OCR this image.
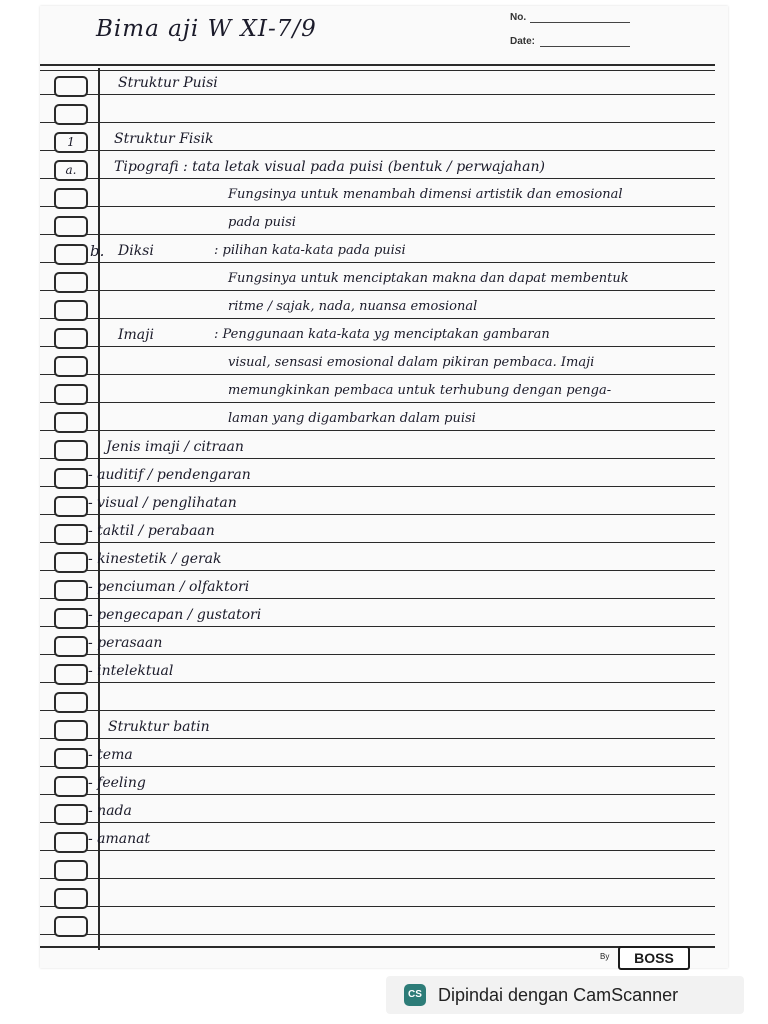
Bima aji W XI-7/9	No.
Date:
1
a.
Struktur Puisi
Struktur Fisik
Tipografi : tata letak visual pada puisi (bentuk / perwajahan)
Fungsinya untuk menambah dimensi artistik dan emosional
pada puisi
b. Diksi	: pilihan kata-kata pada puisi
Fungsinya untuk menciptakan makna dan dapat membentuk
ritme / sajak, nada, nuansa emosional
Imaji	: Penggunaan kata-kata yg menciptakan gambaran
visual, sensasi emosional dalam pikiran pembaca. Imaji
memungkinkan pembaca untuk terhubung dengan penga-
laman yang digambarkan dalam puisi
Jenis imaji / citraan
- auditif / pendengaran
- visual / penglihatan
- taktil / perabaan
- kinestetik / gerak
- penciuman / olfaktori
- pengecapan / gustatori
- perasaan
- intelektual
Struktur batin
- tema
- feeling
- nada
- amanat
By	BOSS
CS Dipindai dengan CamScanner
